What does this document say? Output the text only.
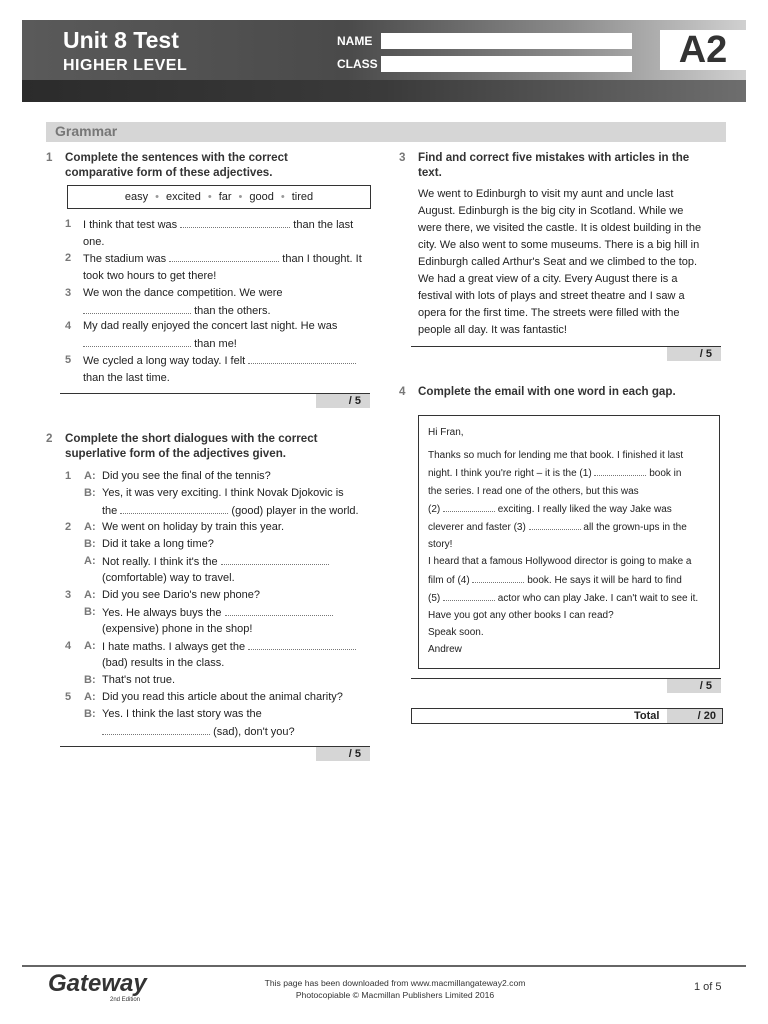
Unit 8 Test
HIGHER LEVEL
NAME
CLASS	A2
Grammar
1 Complete the sentences with the correct
comparative form of these adjectives.
easy • excited • far • good • tired
1 I think that test was	than the last
one.
2 The stadium was	than I thought. It
took two hours to get there!
3 We won the dance competition. We were
than the others.
4 My dad really enjoyed the concert last night. He was
than me!
5 We cycled a long way today. I felt
than the last time.
/ 5
2 Complete the short dialogues with the correct
superlative form of the adjectives given.
1 A: Did you see the final of the tennis?
B: Yes, it was very exciting. I think Novak Djokovic is
the	(good) player in the world.
2 A: We went on holiday by train this year.
B: Did it take a long time?
A: Not really. I think it's the
(comfortable) way to travel.
3 A: Did you see Dario's new phone?
B: Yes. He always buys the
(expensive) phone in the shop!
4 A: I hate maths. I always get the
(bad) results in the class.
B: That's not true.
5 A: Did you read this article about the animal charity?
B: Yes. I think the last story was the
(sad), don't you?
/ 5
3 Find and correct five mistakes with articles in the
text.
We went to Edinburgh to visit my aunt and uncle last
August. Edinburgh is the big city in Scotland. While we
were there, we visited the castle. It is oldest building in the
city. We also went to some museums. There is a big hill in
Edinburgh called Arthur's Seat and we climbed to the top.
We had a great view of a city. Every August there is a
festival with lots of plays and street theatre and I saw a
opera for the first time. The streets were filled with the
people all day. It was fantastic!
/ 5
4 Complete the email with one word in each gap.

Hi Fran,

Thanks so much for lending me that book. I finished it last

night. I think you're right – it is the (1)	book in

the series. I read one of the others, but this was

(2)	exciting. I really liked the way Jake was

cleverer and faster (3)	all the grown-ups in the

story!

I heard that a famous Hollywood director is going to make a

film of (4)	book. He says it will be hard to find

(5)	actor who can play Jake. I can't wait to see it.

Have you got any other books I can read?

Speak soon.

Andrew

/ 5
Total	/ 20
Gateway
2nd Edition
This page has been downloaded from www.macmillangateway2.com
Photocopiable © Macmillan Publishers Limited 2016
1 of 5
